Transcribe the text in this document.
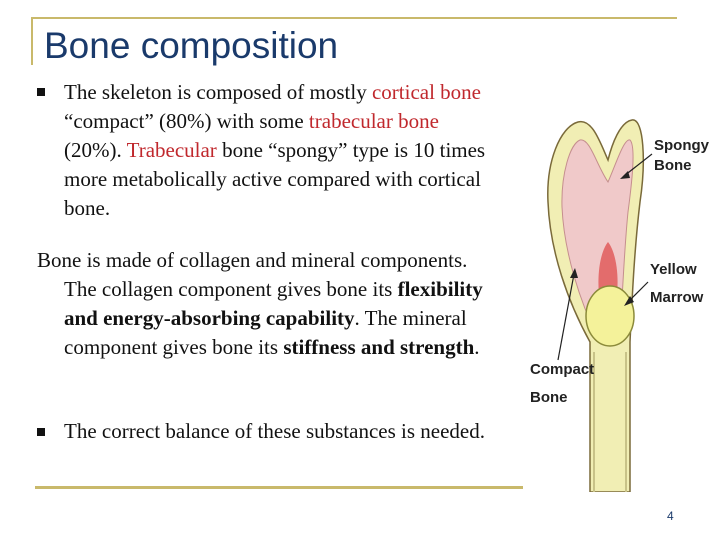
Bone composition
The skeleton is composed of mostly cortical bone “compact” (80%) with some trabecular bone (20%). Trabecular bone “spongy” type is 10 times more metabolically active compared with cortical bone.
Bone is made of collagen and mineral components. The collagen component gives bone its flexibility and energy-absorbing capability. The mineral component gives bone its stiffness and strength.
The correct balance of these substances is needed.
Spongy
Bone
Yellow
Marrow
Compact
Bone
4
